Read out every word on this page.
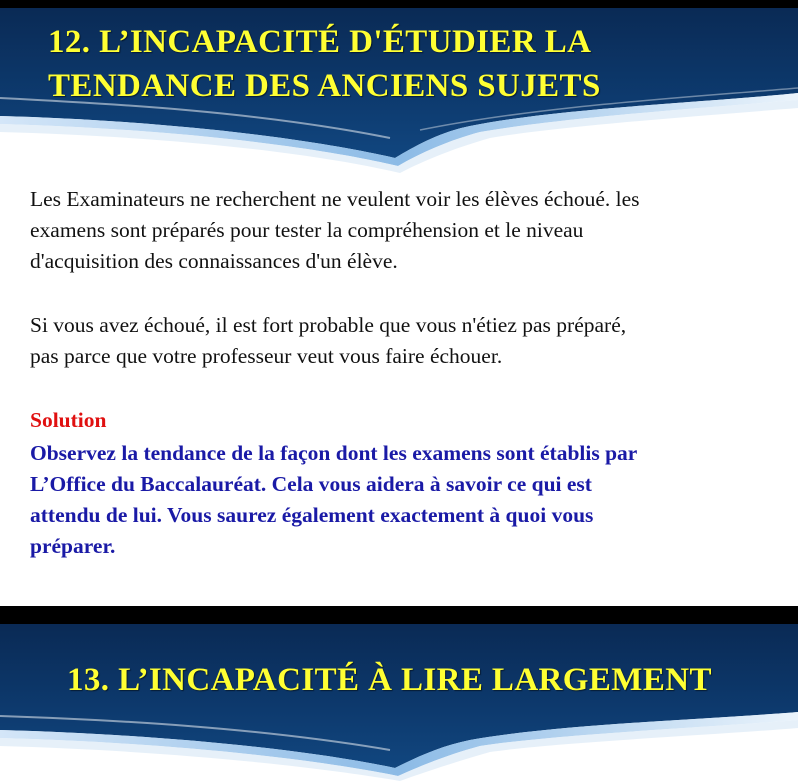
12. L’INCAPACITÉ D'ÉTUDIER LA
TENDANCE DES ANCIENS SUJETS
Les Examinateurs ne recherchent ne veulent voir les élèves échoué. les
examens sont préparés pour tester la compréhension et le niveau
d'acquisition des connaissances d'un élève.
Si vous avez échoué, il est fort probable que vous n'étiez pas préparé,
pas parce que votre professeur veut vous faire échouer.
Solution
Observez la tendance de la façon dont les examens sont établis par
L’Office du Baccalauréat. Cela vous aidera à savoir ce qui est
attendu de lui. Vous saurez également exactement à quoi vous
préparer.
13. L’INCAPACITÉ À LIRE LARGEMENT
